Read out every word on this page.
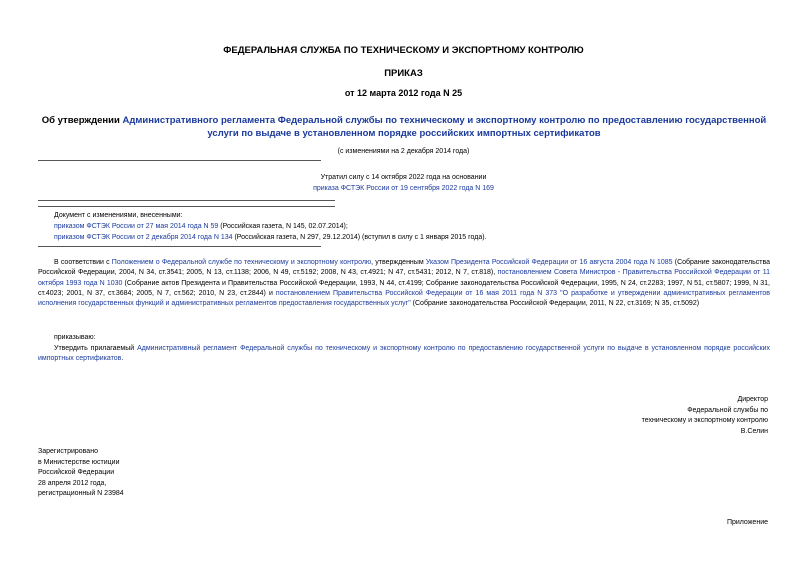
ФЕДЕРАЛЬНАЯ СЛУЖБА ПО ТЕХНИЧЕСКОМУ И ЭКСПОРТНОМУ КОНТРОЛЮ
ПРИКАЗ
от 12 марта 2012 года N 25
Об утверждении Административного регламента Федеральной службы по техническому и экспортному контролю по предоставлению государственной услуги по выдаче в установленном порядке российских импортных сертификатов
(с изменениями на 2 декабря 2014 года)
Утратил силу с 14 октября 2022 года на основании
приказа ФСТЭК России от 19 сентября 2022 года N 169
Документ с изменениями, внесенными:
приказом ФСТЭК России от 27 мая 2014 года N 59 (Российская газета, N 145, 02.07.2014);
приказом ФСТЭК России от 2 декабря 2014 года N 134 (Российская газета, N 297, 29.12.2014) (вступил в силу с 1 января 2015 года).
В соответствии с Положением о Федеральной службе по техническому и экспортному контролю, утвержденным Указом Президента Российской Федерации от 16 августа 2004 года N 1085 (Собрание законодательства Российской Федерации, 2004, N 34, ст.3541; 2005, N 13, ст.1138; 2006, N 49, ст.5192; 2008, N 43, ст.4921; N 47, ст.5431; 2012, N 7, ст.818), постановлением Совета Министров - Правительства Российской Федерации от 11 октября 1993 года N 1030 (Собрание актов Президента и Правительства Российской Федерации, 1993, N 44, ст.4199; Собрание законодательства Российской Федерации, 1995, N 24, ст.2283; 1997, N 51, ст.5807; 1999, N 31, ст.4023; 2001, N 37, ст.3684; 2005, N 7, ст.562; 2010, N 23, ст.2844) и постановлением Правительства Российской Федерации от 16 мая 2011 года N 373 "О разработке и утверждении административных регламентов исполнения государственных функций и административных регламентов предоставления государственных услуг" (Собрание законодательства Российской Федерации, 2011, N 22, ст.3169; N 35, ст.5092)
приказываю:
Утвердить прилагаемый Административный регламент Федеральной службы по техническому и экспортному контролю по предоставлению государственной услуги по выдаче в установленном порядке российских импортных сертификатов.
Директор
Федеральной службы по
техническому и экспортному контролю
В.Селин
Зарегистрировано
в Министерстве юстиции
Российской Федерации
28 апреля 2012 года,
регистрационный N 23984
Приложение
